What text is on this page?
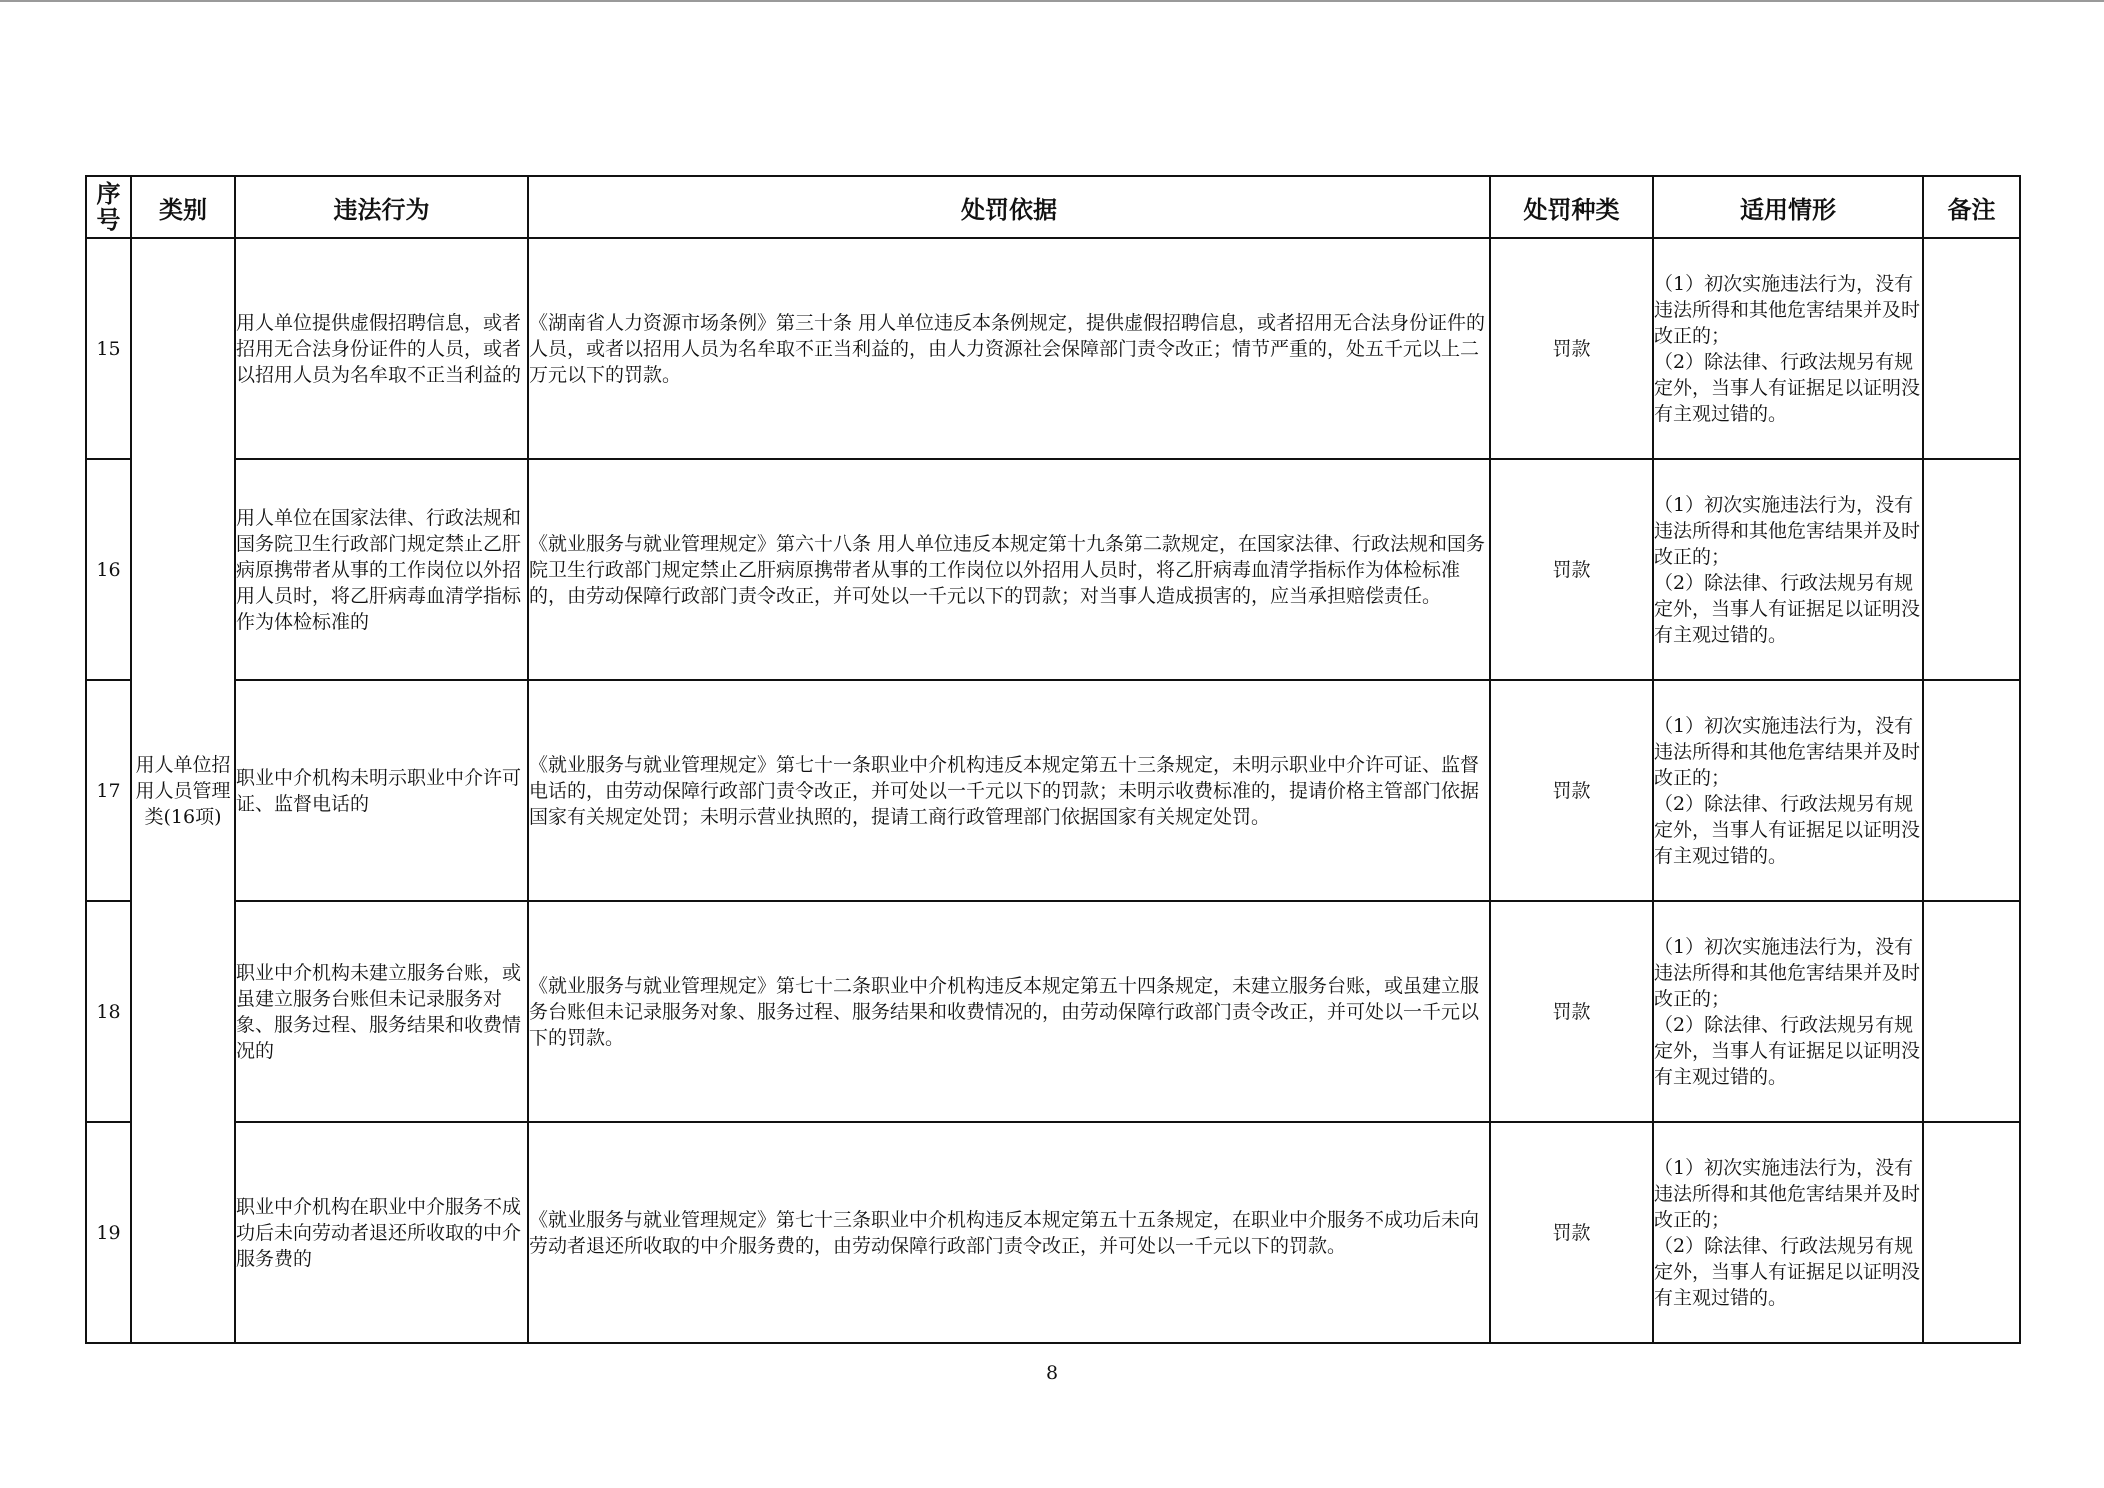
序号	类别	违法行为	处罚依据	处罚种类	适用情形	备注
15	用人单位招用人员管理类(16项)	用人单位提供虚假招聘信息，或者招用无合法身份证件的人员，或者以招用人员为名牟取不正当利益的	《湖南省人力资源市场条例》第三十条 用人单位违反本条例规定，提供虚假招聘信息，或者招用无合法身份证件的人员，或者以招用人员为名牟取不正当利益的，由人力资源社会保障部门责令改正；情节严重的，处五千元以上二万元以下的罚款。	罚款	（1）初次实施违法行为，没有违法所得和其他危害结果并及时改正的；
（2）除法律、行政法规另有规定外，当事人有证据足以证明没有主观过错的。	

16		用人单位在国家法律、行政法规和国务院卫生行政部门规定禁止乙肝病原携带者从事的工作岗位以外招用人员时，将乙肝病毒血清学指标作为体检标准的	《就业服务与就业管理规定》第六十八条 用人单位违反本规定第十九条第二款规定，在国家法律、行政法规和国务院卫生行政部门规定禁止乙肝病原携带者从事的工作岗位以外招用人员时，将乙肝病毒血清学指标作为体检标准的，由劳动保障行政部门责令改正，并可处以一千元以下的罚款；对当事人造成损害的，应当承担赔偿责任。	罚款	（1）初次实施违法行为，没有违法所得和其他危害结果并及时改正的；
（2）除法律、行政法规另有规定外，当事人有证据足以证明没有主观过错的。	

17		职业中介机构未明示职业中介许可证、监督电话的	《就业服务与就业管理规定》第七十一条职业中介机构违反本规定第五十三条规定，未明示职业中介许可证、监督电话的，由劳动保障行政部门责令改正，并可处以一千元以下的罚款；未明示收费标准的，提请价格主管部门依据国家有关规定处罚；未明示营业执照的，提请工商行政管理部门依据国家有关规定处罚。	罚款	（1）初次实施违法行为，没有违法所得和其他危害结果并及时改正的；
（2）除法律、行政法规另有规定外，当事人有证据足以证明没有主观过错的。	

18		职业中介机构未建立服务台账，或虽建立服务台账但未记录服务对象、服务过程、服务结果和收费情况的	《就业服务与就业管理规定》第七十二条职业中介机构违反本规定第五十四条规定，未建立服务台账，或虽建立服务台账但未记录服务对象、服务过程、服务结果和收费情况的，由劳动保障行政部门责令改正，并可处以一千元以下的罚款。	罚款	（1）初次实施违法行为，没有违法所得和其他危害结果并及时改正的；
（2）除法律、行政法规另有规定外，当事人有证据足以证明没有主观过错的。	

19		职业中介机构在职业中介服务不成功后未向劳动者退还所收取的中介服务费的	《就业服务与就业管理规定》第七十三条职业中介机构违反本规定第五十五条规定，在职业中介服务不成功后未向劳动者退还所收取的中介服务费的，由劳动保障行政部门责令改正，并可处以一千元以下的罚款。	罚款	（1）初次实施违法行为，没有违法所得和其他危害结果并及时改正的；
（2）除法律、行政法规另有规定外，当事人有证据足以证明没有主观过错的。	

8
